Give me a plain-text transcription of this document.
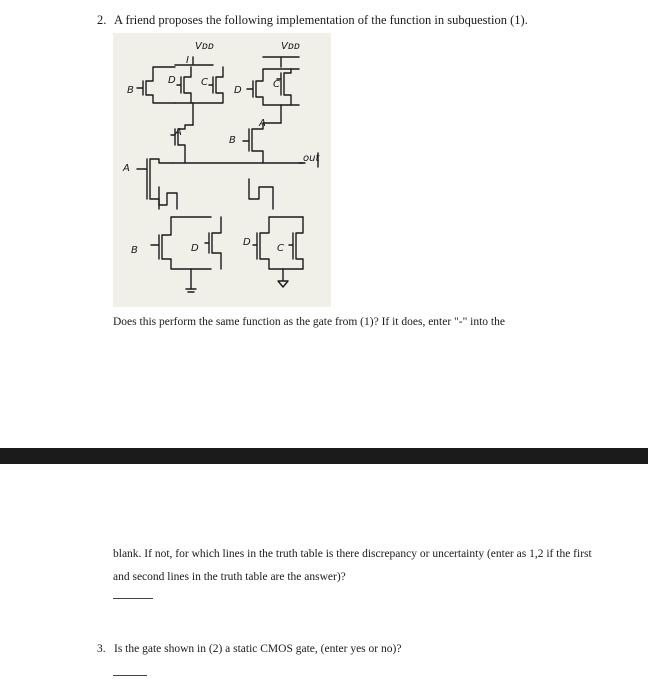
2. A friend proposes the following implementation of the function in subquestion (1).
Vᴅᴅ	Vᴅᴅ
I
B
D	C
D
C
A
B
A
out
A
B	D
D
C
Does this perform the same function as the gate from (1)? If it does, enter "-" into the
blank. If not, for which lines in the truth table is there discrepancy or uncertainty (enter as 1,2 if the first and second lines in the truth table are the answer)?
3. Is the gate shown in (2) a static CMOS gate, (enter yes or no)?
